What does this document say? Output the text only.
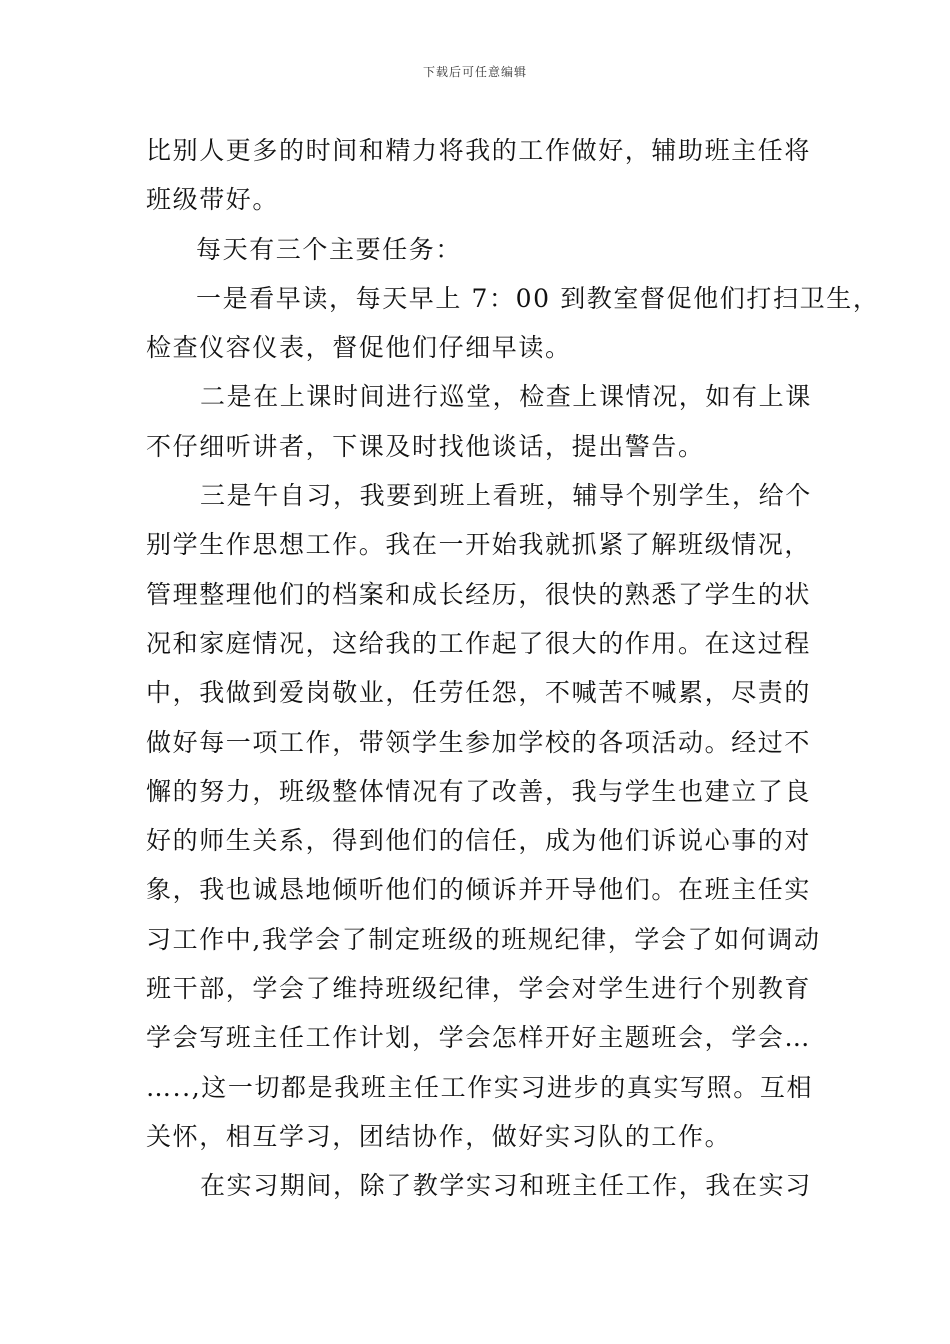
下载后可任意编辑
比别人更多的时间和精力将我的工作做好，辅助班主任将
班级带好。
每天有三个主要任务：
一是看早读，每天早上 7：00 到教室督促他们打扫卫生，
检查仪容仪表，督促他们仔细早读。
二是在上课时间进行巡堂，检查上课情况，如有上课
不仔细听讲者，下课及时找他谈话，提出警告。
三是午自习，我要到班上看班，辅导个别学生，给个
别学生作思想工作。我在一开始我就抓紧了解班级情况，
管理整理他们的档案和成长经历，很快的熟悉了学生的状
况和家庭情况，这给我的工作起了很大的作用。在这过程
中，我做到爱岗敬业，任劳任怨，不喊苦不喊累，尽责的
做好每一项工作，带领学生参加学校的各项活动。经过不
懈的努力，班级整体情况有了改善，我与学生也建立了良
好的师生关系，得到他们的信任，成为他们诉说心事的对
象，我也诚恳地倾听他们的倾诉并开导他们。在班主任实
习工作中,我学会了制定班级的班规纪律，学会了如何调动
班干部，学会了维持班级纪律，学会对学生进行个别教育
学会写班主任工作计划，学会怎样开好主题班会，学会…
…..,这一切都是我班主任工作实习进步的真实写照。互相
关怀，相互学习，团结协作，做好实习队的工作。
在实习期间，除了教学实习和班主任工作，我在实习
